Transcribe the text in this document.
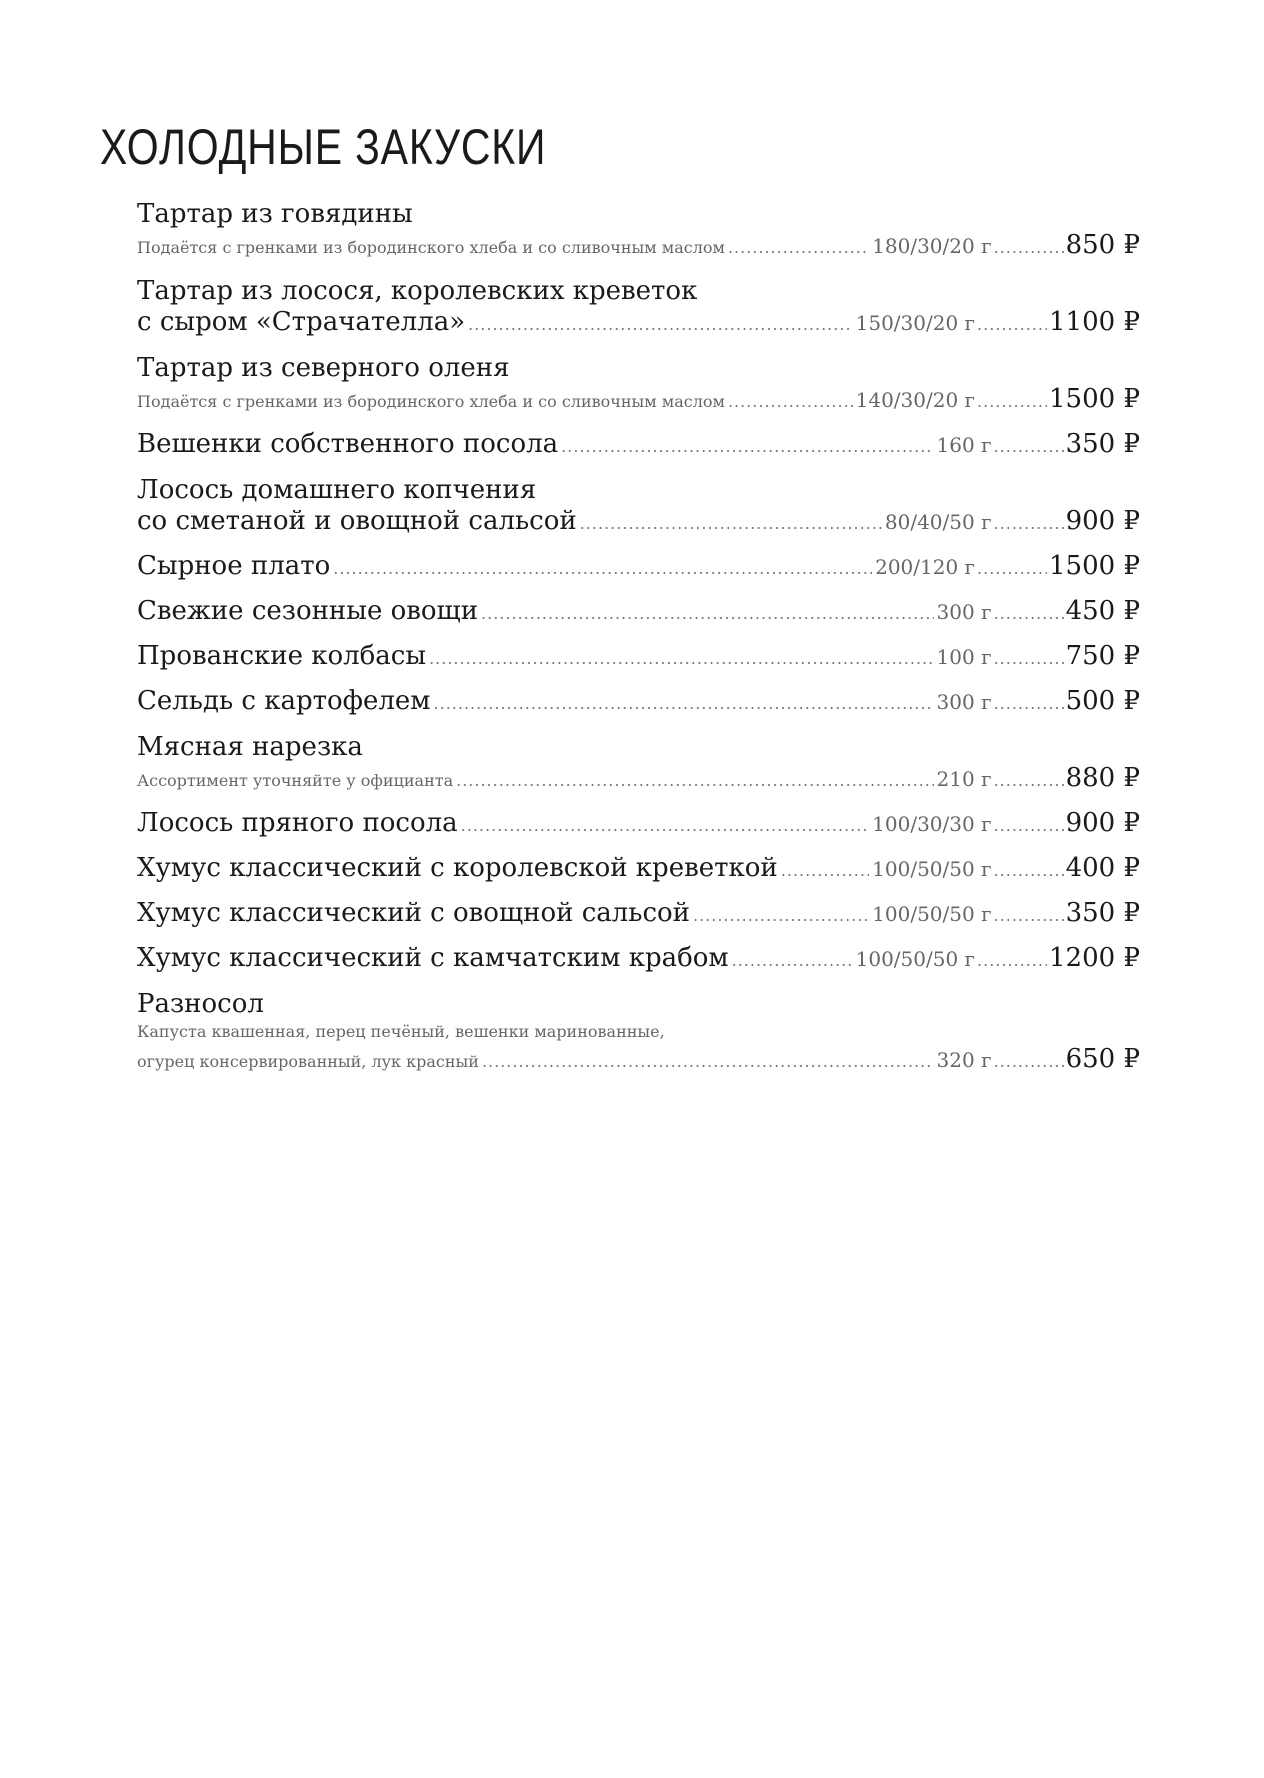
ХОЛОДНЫЕ ЗАКУСКИ
Тартар из говядины
Подаётся с гренками из бородинского хлеба и со сливочным маслом .....	180/30/20 г .....	850 ₽
Тартар из лосося, королевских креветок
с сыром «Страчателла» .....	150/30/20 г .....	1100 ₽
Тартар из северного оленя
Подаётся с гренками из бородинского хлеба и со сливочным маслом .....	140/30/20 г .....	1500 ₽
Вешенки собственного посола .....	160 г .....	350 ₽
Лосось домашнего копчения
со сметаной и овощной сальсой .....	80/40/50 г .....	900 ₽
Сырное плато .....	200/120 г .....	1500 ₽
Свежие сезонные овощи .....	300 г .....	450 ₽
Прованские колбасы .....	100 г .....	750 ₽
Сельдь с картофелем .....	300 г .....	500 ₽
Мясная нарезка
Ассортимент уточняйте у официанта .....	210 г .....	880 ₽
Лосось пряного посола .....	100/30/30 г .....	900 ₽
Хумус классический с королевской креветкой .....	100/50/50 г .....	400 ₽
Хумус классический с овощной сальсой .....	100/50/50 г .....	350 ₽
Хумус классический с камчатским крабом .....	100/50/50 г .....	1200 ₽
Разносол
Капуста квашенная, перец печёный, вешенки маринованные,
огурец консервированный, лук красный .....	320 г .....	650 ₽
